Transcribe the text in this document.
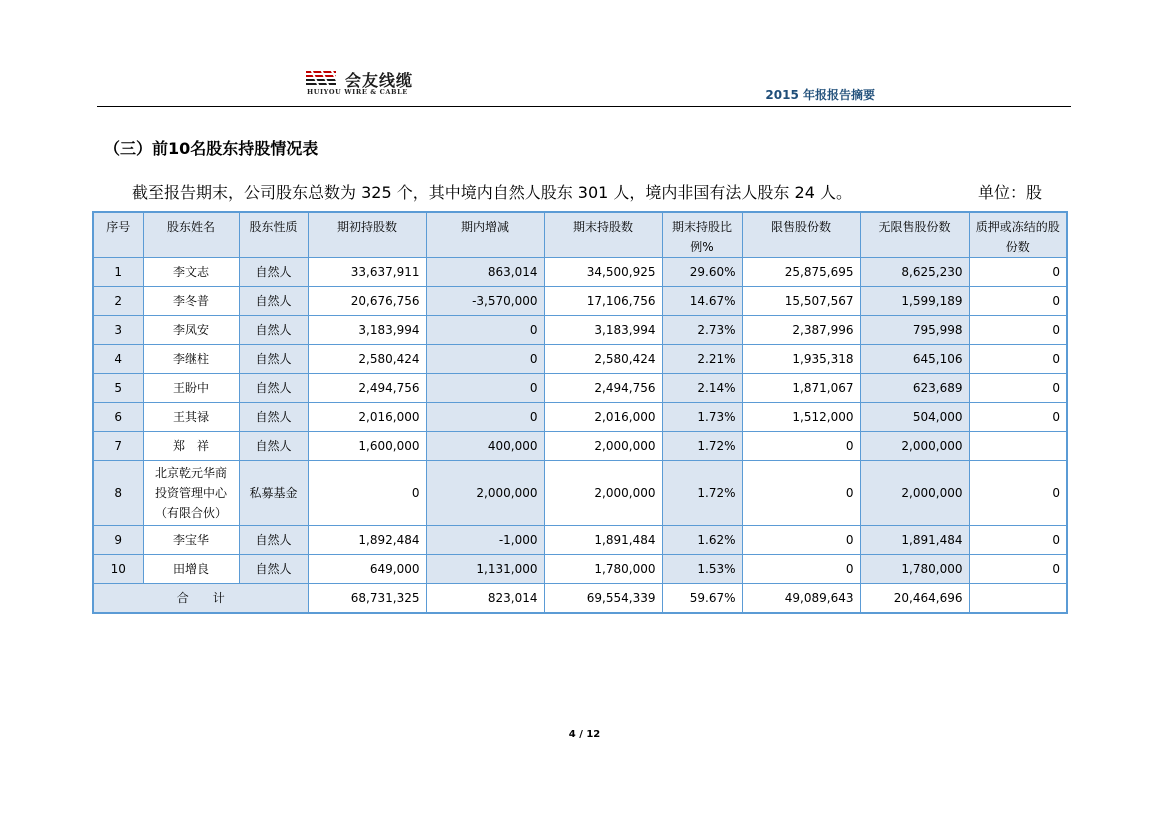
会友线缆
HUIYOU WIRE & CABLE	2015 年报报告摘要
（三）前10名股东持股情况表
截至报告期末，公司股东总数为 325 个，其中境内自然人股东 301 人，境内非国有法人股东 24 人。	单位：股
序号	股东姓名	股东性质	期初持股数	期内增减	期末持股数	期末持股比例%	限售股份数	无限售股份数	质押或冻结的股份数
1	李文志	自然人	33,637,911	863,014	34,500,925	29.60%	25,875,695	8,625,230	0
2	李冬普	自然人	20,676,756	-3,570,000	17,106,756	14.67%	15,507,567	1,599,189	0
3	李凤安	自然人	3,183,994	0	3,183,994	2.73%	2,387,996	795,998	0
4	李继柱	自然人	2,580,424	0	2,580,424	2.21%	1,935,318	645,106	0
5	王盼中	自然人	2,494,756	0	2,494,756	2.14%	1,871,067	623,689	0
6	王其禄	自然人	2,016,000	0	2,016,000	1.73%	1,512,000	504,000	0
7	郑　祥	自然人	1,600,000	400,000	2,000,000	1.72%	0	2,000,000	
8	北京乾元华商投资管理中心（有限合伙）	私募基金	0	2,000,000	2,000,000	1.72%	0	2,000,000	0
9	李宝华	自然人	1,892,484	-1,000	1,891,484	1.62%	0	1,891,484	0
10	田增良	自然人	649,000	1,131,000	1,780,000	1.53%	0	1,780,000	0
合　　计			68,731,325	823,014	69,554,339	59.67%	49,089,643	20,464,696	
4 / 12
